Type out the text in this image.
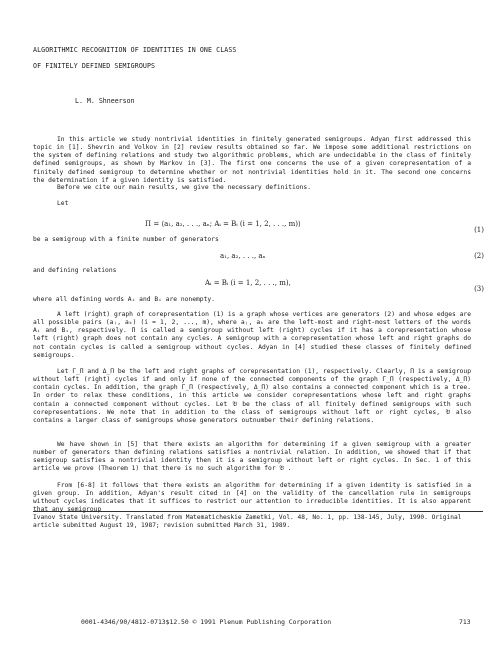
ALGORITHMIC RECOGNITION OF IDENTITIES IN ONE CLASS
OF FINITELY DEFINED SEMIGROUPS
L. M. Shneerson

In this article we study nontrivial identities in finitely generated semigroups. Adyan first addressed this topic in [1]. Shevrin and Volkov in [2] review results obtained so far. We impose some additional restrictions on the system of defining relations and study two algorithmic problems, which are undecidable in the class of finitely defined semigroups, as shown by Markov in [3]. The first one concerns the use of a given corepresentation of a finitely defined semigroup to determine whether or not nontrivial identities hold in it. The second one concerns the determination if a given identity is satisfied.

Before we cite our main results, we give the necessary definitions.

Let
Π = ⟨a₁, a₂, . . ., aₙ; Aᵢ = Bᵢ (i = 1, 2, . . ., m)⟩
(1)
be a semigroup with a finite number of generators
a₁, a₂, . . ., aₙ	(2)
and defining relations
Aᵢ = Bᵢ (i = 1, 2, . . ., m),
(3)
where all defining words Aᵢ and Bᵢ are nonempty.

A left (right) graph of corepresentation (1) is a graph whose vertices are generators (2) and whose edges are all possible pairs (aⱼ, aₖ) (i = 1, 2, ..., m), where aⱼ, aₖ are the left-most and right-most letters of the words Aᵢ and Bᵢ, respectively. Π is called a semigroup without left (right) cycles if it has a corepresentation whose left (right) graph does not contain any cycles. A semigroup with a corepresentation whose left and right graphs do not contain cycles is called a semigroup without cycles. Adyan in [4] studied these classes of finitely defined semigroups.

Let Γ_Π and Δ_Π be the left and right graphs of corepresentation (1), respectively. Clearly, Π is a semigroup without left (right) cycles if and only if none of the connected components of the graph Γ_Π (respectively, Δ_Π) contain cycles. In addition, the graph Γ_Π (respectively, Δ_Π) also contains a connected component which is a tree. In order to relax these conditions, in this article we consider corepresentations whose left and right graphs contain a connected component without cycles. Let 𝔅 be the class of all finitely defined semigroups with such corepresentations. We note that in addition to the class of semigroups without left or right cycles, 𝔅 also contains a larger class of semigroups whose generators outnumber their defining relations.

We have shown in [5] that there exists an algorithm for determining if a given semigroup with a greater number of generators than defining relations satisfies a nontrivial relation. In addition, we showed that if that semigroup satisfies a nontrivial identity then it is a semigroup without left or right cycles. In Sec. 1 of this article we prove (Theorem 1) that there is no such algorithm for 𝔅 .

From [6-8] it follows that there exists an algorithm for determining if a given identity is satisfied in a given group. In addition, Adyan's result cited in [4] on the validity of the cancellation rule in semigroups without cycles indicates that it suffices to restrict our attention to irreducible identities. It is also apparent that any semigroup

Ivanov State University. Translated from Matematicheskie Zametki, Vol. 48, No. 1, pp. 138-145, July, 1990. Original article submitted August 19, 1987; revision submitted March 31, 1989.

0001-4346/90/4812-0713$12.50 © 1991 Plenum Publishing Corporation	713
